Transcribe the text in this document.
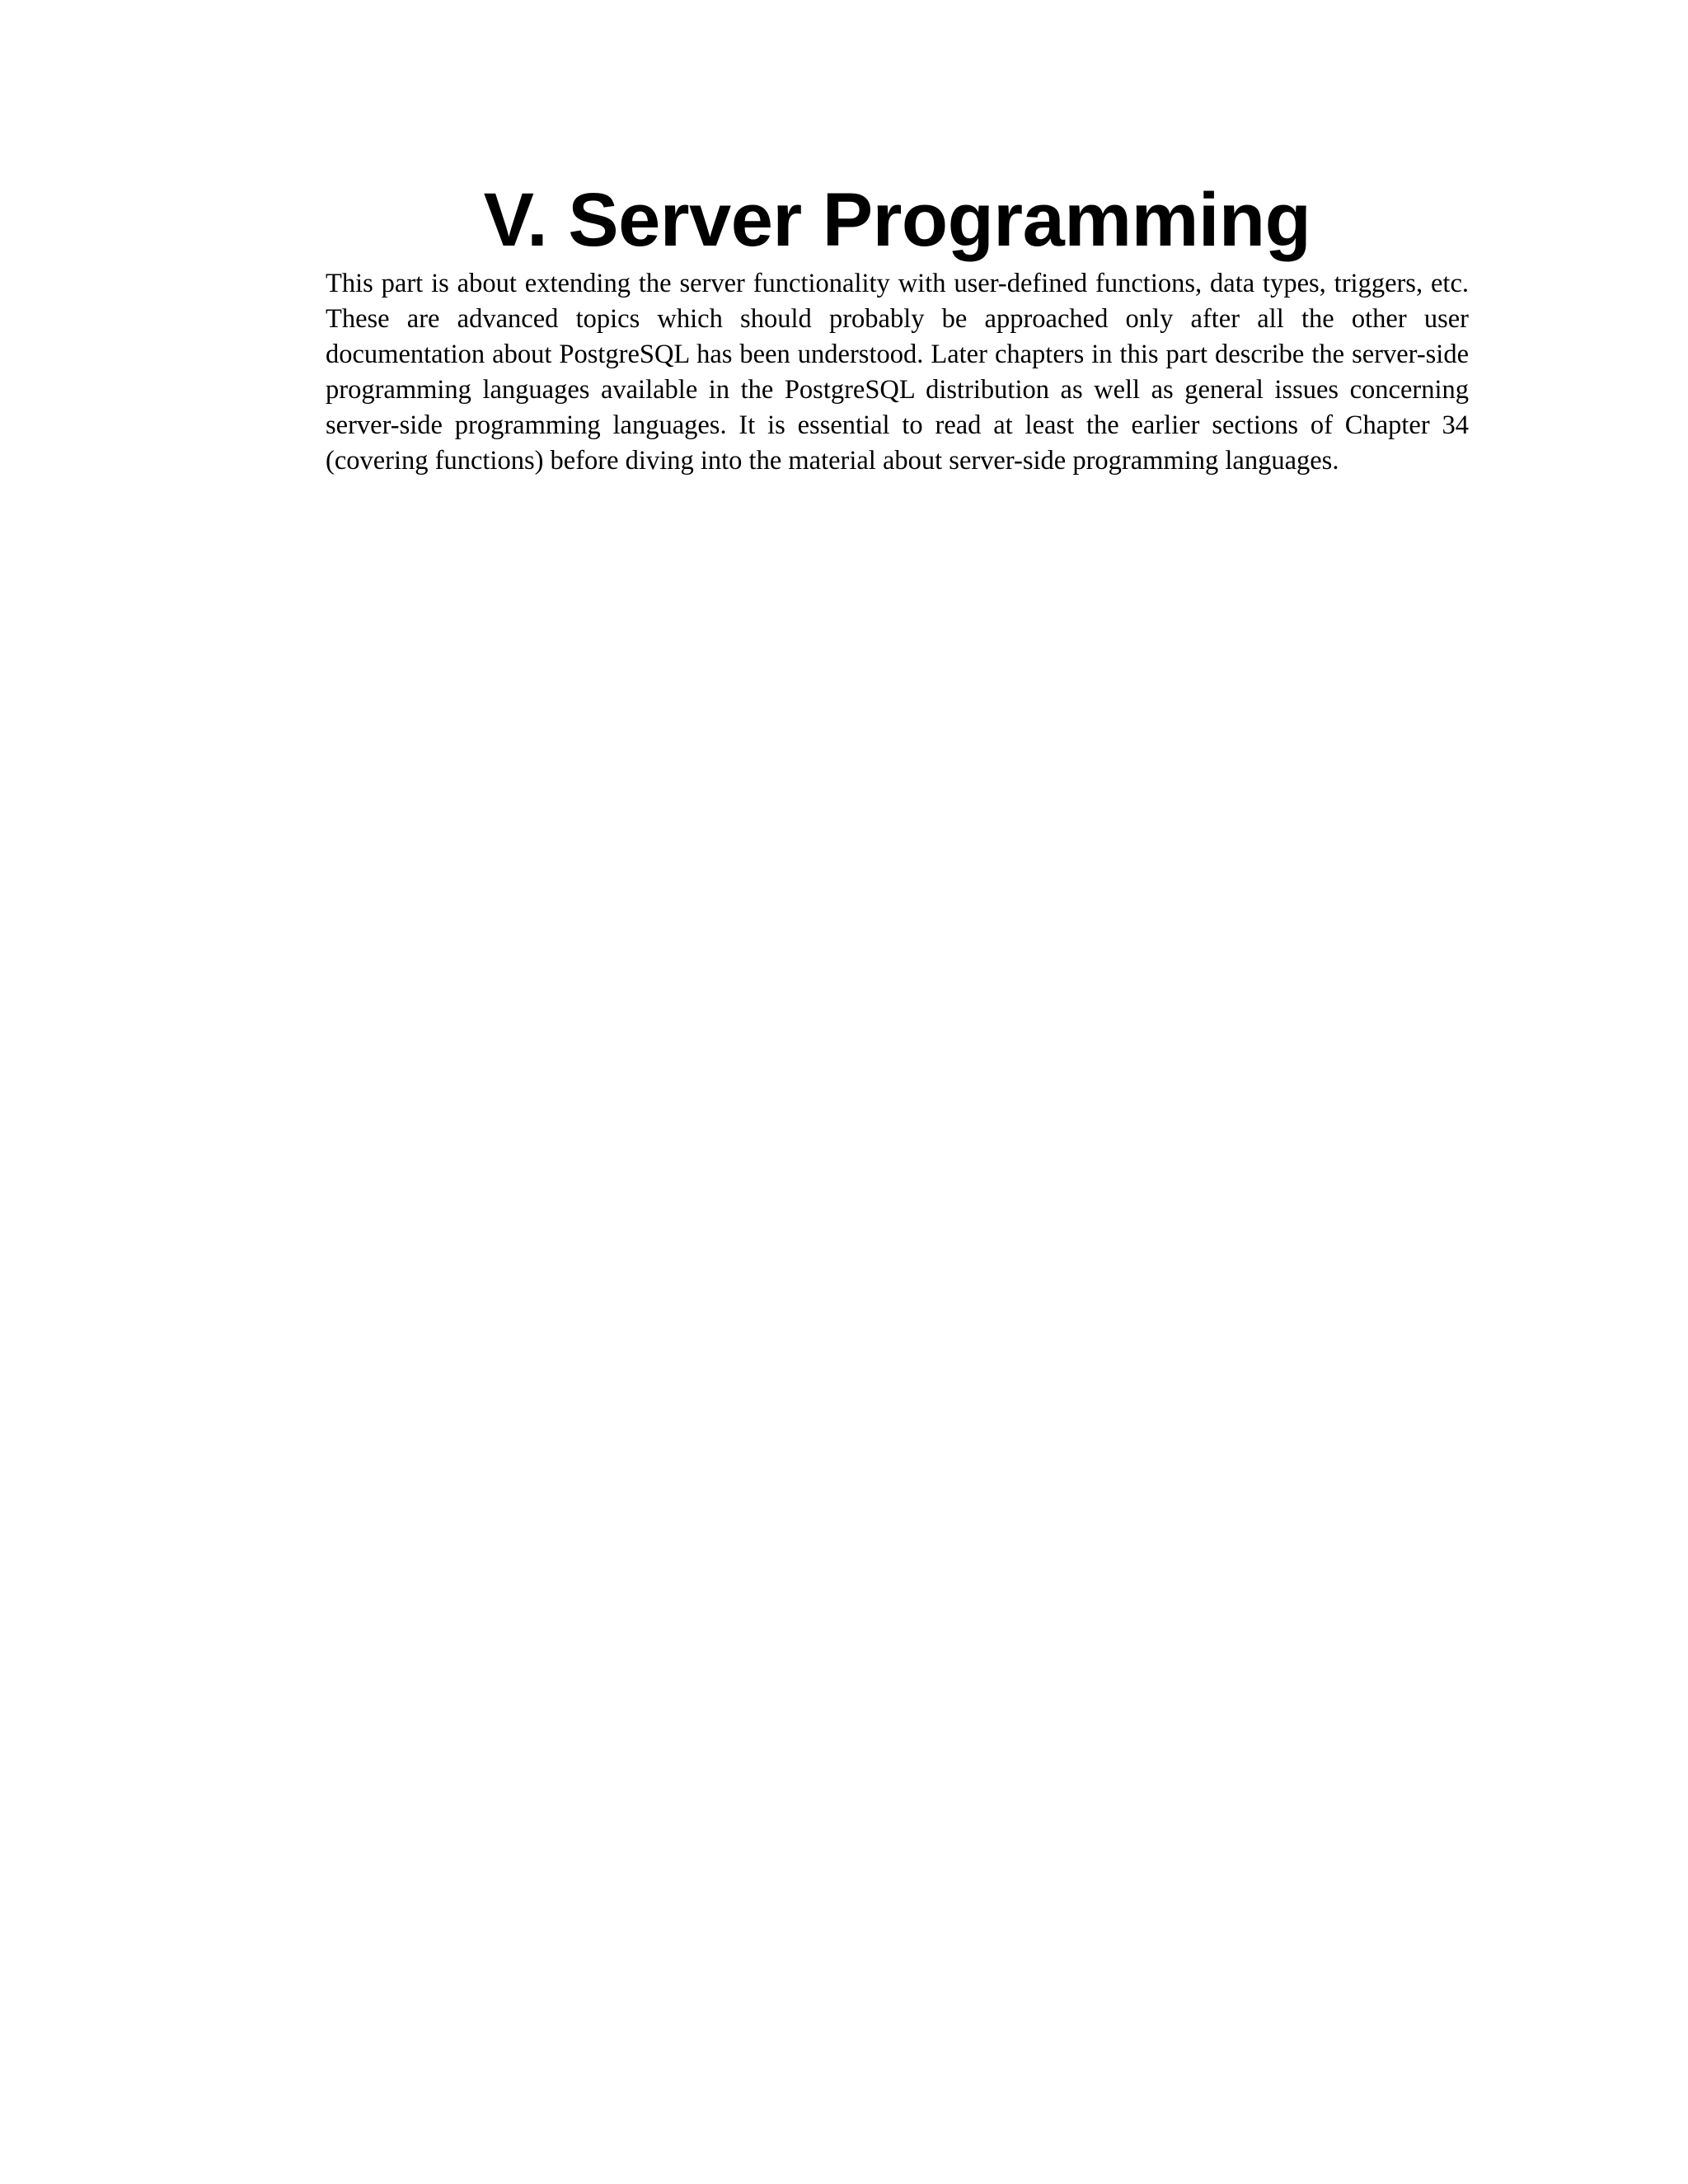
V. Server Programming

This part is about extending the server functionality with user-defined functions, data types, triggers, etc. These are advanced topics which should probably be approached only after all the other user documentation about PostgreSQL has been understood. Later chapters in this part describe the server-side programming languages available in the PostgreSQL distribution as well as general issues concerning server-side programming languages. It is essential to read at least the earlier sections of Chapter 34 (covering functions) before diving into the material about server-side programming languages.
